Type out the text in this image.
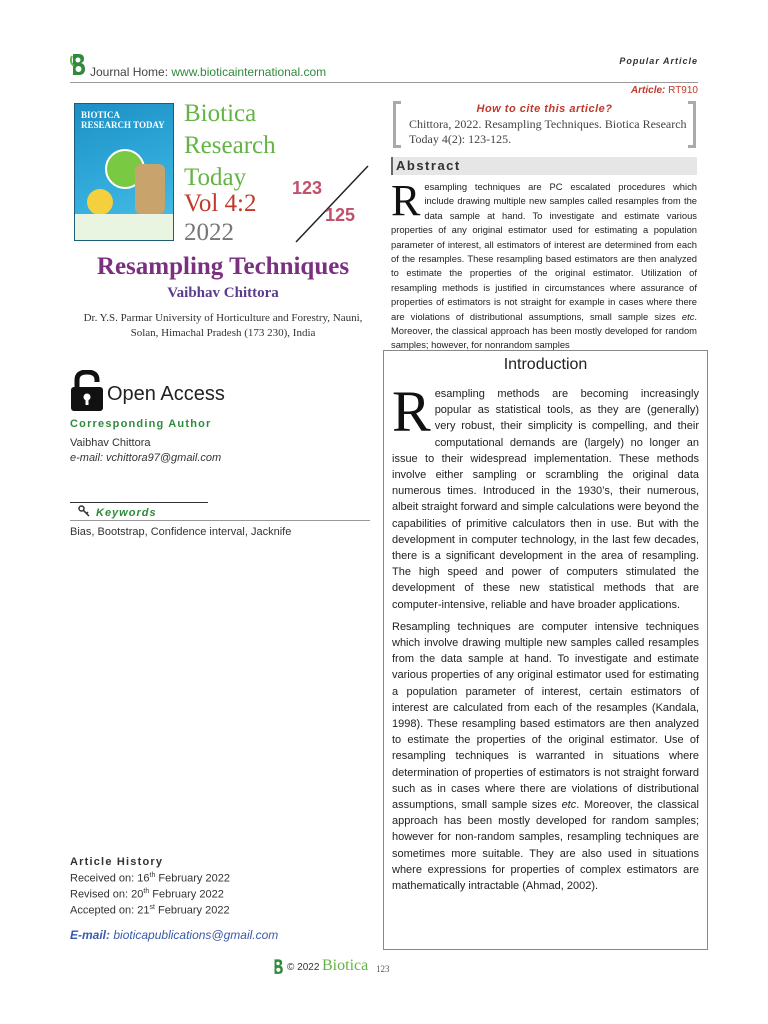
Journal Home: www.bioticainternational.com
Popular Article
Article: RT910
BIOTICA
RESEARCH TODAY Biotica
Research
Today
Vol 4:2
2022
123
125
Resampling Techniques
Vaibhav Chittora
Dr. Y.S. Parmar University of Horticulture and Forestry, Nauni, Solan, Himachal Pradesh (173 230), India
How to cite this article?
Chittora, 2022. Resampling Techniques. Biotica Research Today 4(2): 123-125.
Abstract
Resampling techniques are PC escalated procedures which include drawing multiple new samples called resamples from the data sample at hand. To investigate and estimate various properties of any original estimator used for estimating a population parameter of interest, all estimators of interest are determined from each of the resamples. These resampling based estimators are then analyzed to estimate the properties of the original estimator. Utilization of resampling methods is justified in circumstances where assurance of properties of estimators is not straight for example in cases where there are violations of distributional assumptions, small sample sizes etc. Moreover, the classical approach has been mostly developed for random samples; however, for nonrandom samples
Introduction

Resampling methods are becoming increasingly popular as statistical tools, as they are (generally) very robust, their simplicity is compelling, and their computational demands are (largely) no longer an issue to their widespread implementation. These methods involve either sampling or scrambling the original data numerous times. Introduced in the 1930’s, their numerous, albeit straight forward and simple calculations were beyond the capabilities of primitive calculators then in use. But with the development in computer technology, in the last few decades, there is a significant development in the area of resampling. The high speed and power of computers stimulated the development of these new statistical methods that are computer-intensive, reliable and have broader applications.

Resampling techniques are computer intensive techniques which involve drawing multiple new samples called resamples from the data sample at hand. To investigate and estimate various properties of any original estimator used for estimating a population parameter of interest, certain estimators of interest are calculated from each of the resamples (Kandala, 1998). These resampling based estimators are then analyzed to estimate the properties of the original estimator. Use of resampling techniques is warranted in situations where determination of properties of estimators is not straight forward such as in cases where there are violations of distributional assumptions, small sample sizes etc. Moreover, the classical approach has been mostly developed for random samples; however for non-random samples, resampling techniques are sometimes more suitable. They are also used in situations where expressions for properties of complex estimators are mathematically intractable (Ahmad, 2002).

Open Access
Corresponding Author
Vaibhav Chittora
e-mail: vchittora97@gmail.com
Keywords
Bias, Bootstrap, Confidence interval, Jacknife
Article History
Received on: 16th February 2022
Revised on: 20th February 2022
Accepted on: 21st February 2022
E-mail: bioticapublications@gmail.com
© 2022 Biotica 123
